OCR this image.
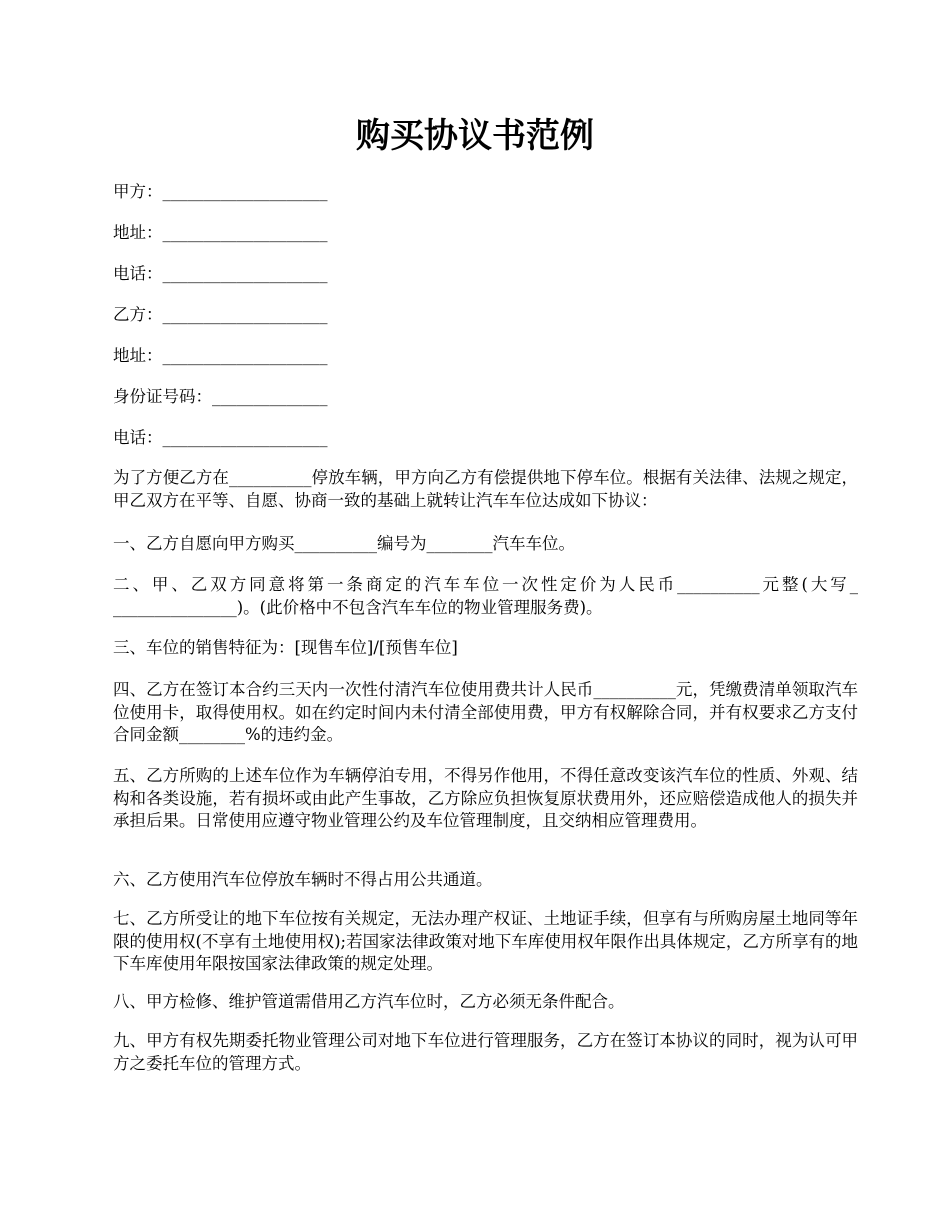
购买协议书范例
甲方：____________________
地址：____________________
电话：____________________
乙方：____________________
地址：____________________
身份证号码：______________
电话：____________________

为了方便乙方在__________停放车辆，甲方向乙方有偿提供地下停车位。根据有关法律、法规之规定，甲乙双方在平等、自愿、协商一致的基础上就转让汽车车位达成如下协议：

一、乙方自愿向甲方购买__________编号为________汽车车位。

二、甲、乙双方同意将第一条商定的汽车车位一次性定价为人民币__________元整(大写_ _______________)。(此价格中不包含汽车车位的物业管理服务费)。

三、车位的销售特征为：[现售车位]/[预售车位]

四、乙方在签订本合约三天内一次性付清汽车位使用费共计人民币__________元，凭缴费清单领取汽车位使用卡，取得使用权。如在约定时间内未付清全部使用费，甲方有权解除合同，并有权要求乙方支付合同金额________%的违约金。

五、乙方所购的上述车位作为车辆停泊专用，不得另作他用，不得任意改变该汽车位的性质、外观、结构和各类设施，若有损坏或由此产生事故，乙方除应负担恢复原状费用外，还应赔偿造成他人的损失并承担后果。日常使用应遵守物业管理公约及车位管理制度，且交纳相应管理费用。

六、乙方使用汽车位停放车辆时不得占用公共通道。

七、乙方所受让的地下车位按有关规定，无法办理产权证、土地证手续，但享有与所购房屋土地同等年限的使用权(不享有土地使用权);若国家法律政策对地下车库使用权年限作出具体规定，乙方所享有的地下车库使用年限按国家法律政策的规定处理。

八、甲方检修、维护管道需借用乙方汽车位时，乙方必须无条件配合。

九、甲方有权先期委托物业管理公司对地下车位进行管理服务，乙方在签订本协议的同时，视为认可甲方之委托车位的管理方式。
